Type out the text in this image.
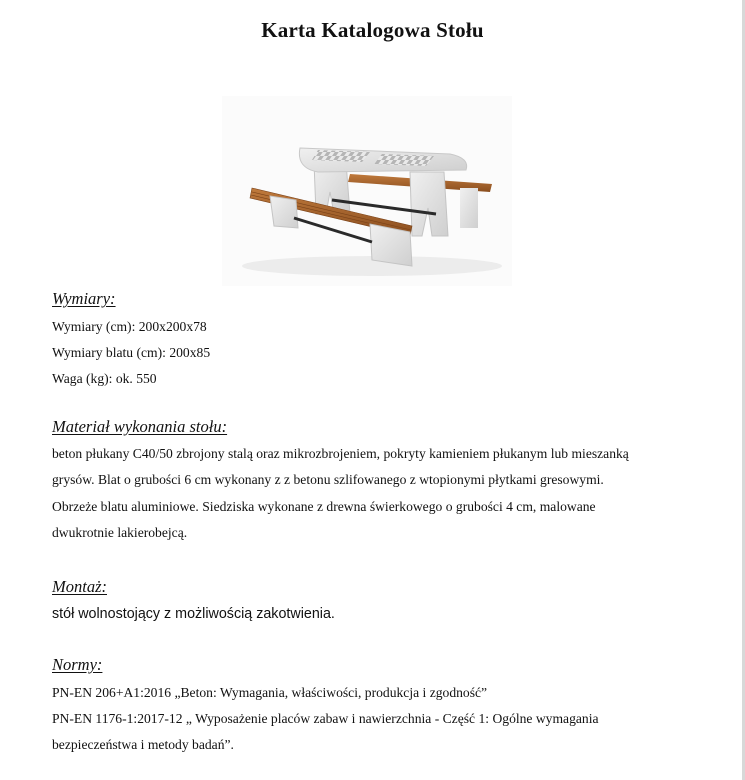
Karta Katalogowa Stołu
Wymiary:

Wymiary (cm): 200x200x78

Wymiary blatu (cm): 200x85

Waga (kg): ok. 550

Materiał wykonania stołu:

beton płukany C40/50 zbrojony stalą oraz mikrozbrojeniem, pokryty kamieniem płukanym lub mieszanką

grysów. Blat o grubości 6 cm wykonany z z betonu szlifowanego z wtopionymi płytkami gresowymi.

Obrzeże blatu aluminiowe. Siedziska wykonane z drewna świerkowego o grubości 4 cm, malowane

dwukrotnie lakierobejcą.

Montaż:

stół wolnostojący z możliwością zakotwienia.

Normy:

PN-EN 206+A1:2016 „Beton: Wymagania, właściwości, produkcja i zgodność”

PN-EN 1176-1:2017-12 „ Wyposażenie placów zabaw i nawierzchnia - Część 1: Ogólne wymagania

bezpieczeństwa i metody badań”.
